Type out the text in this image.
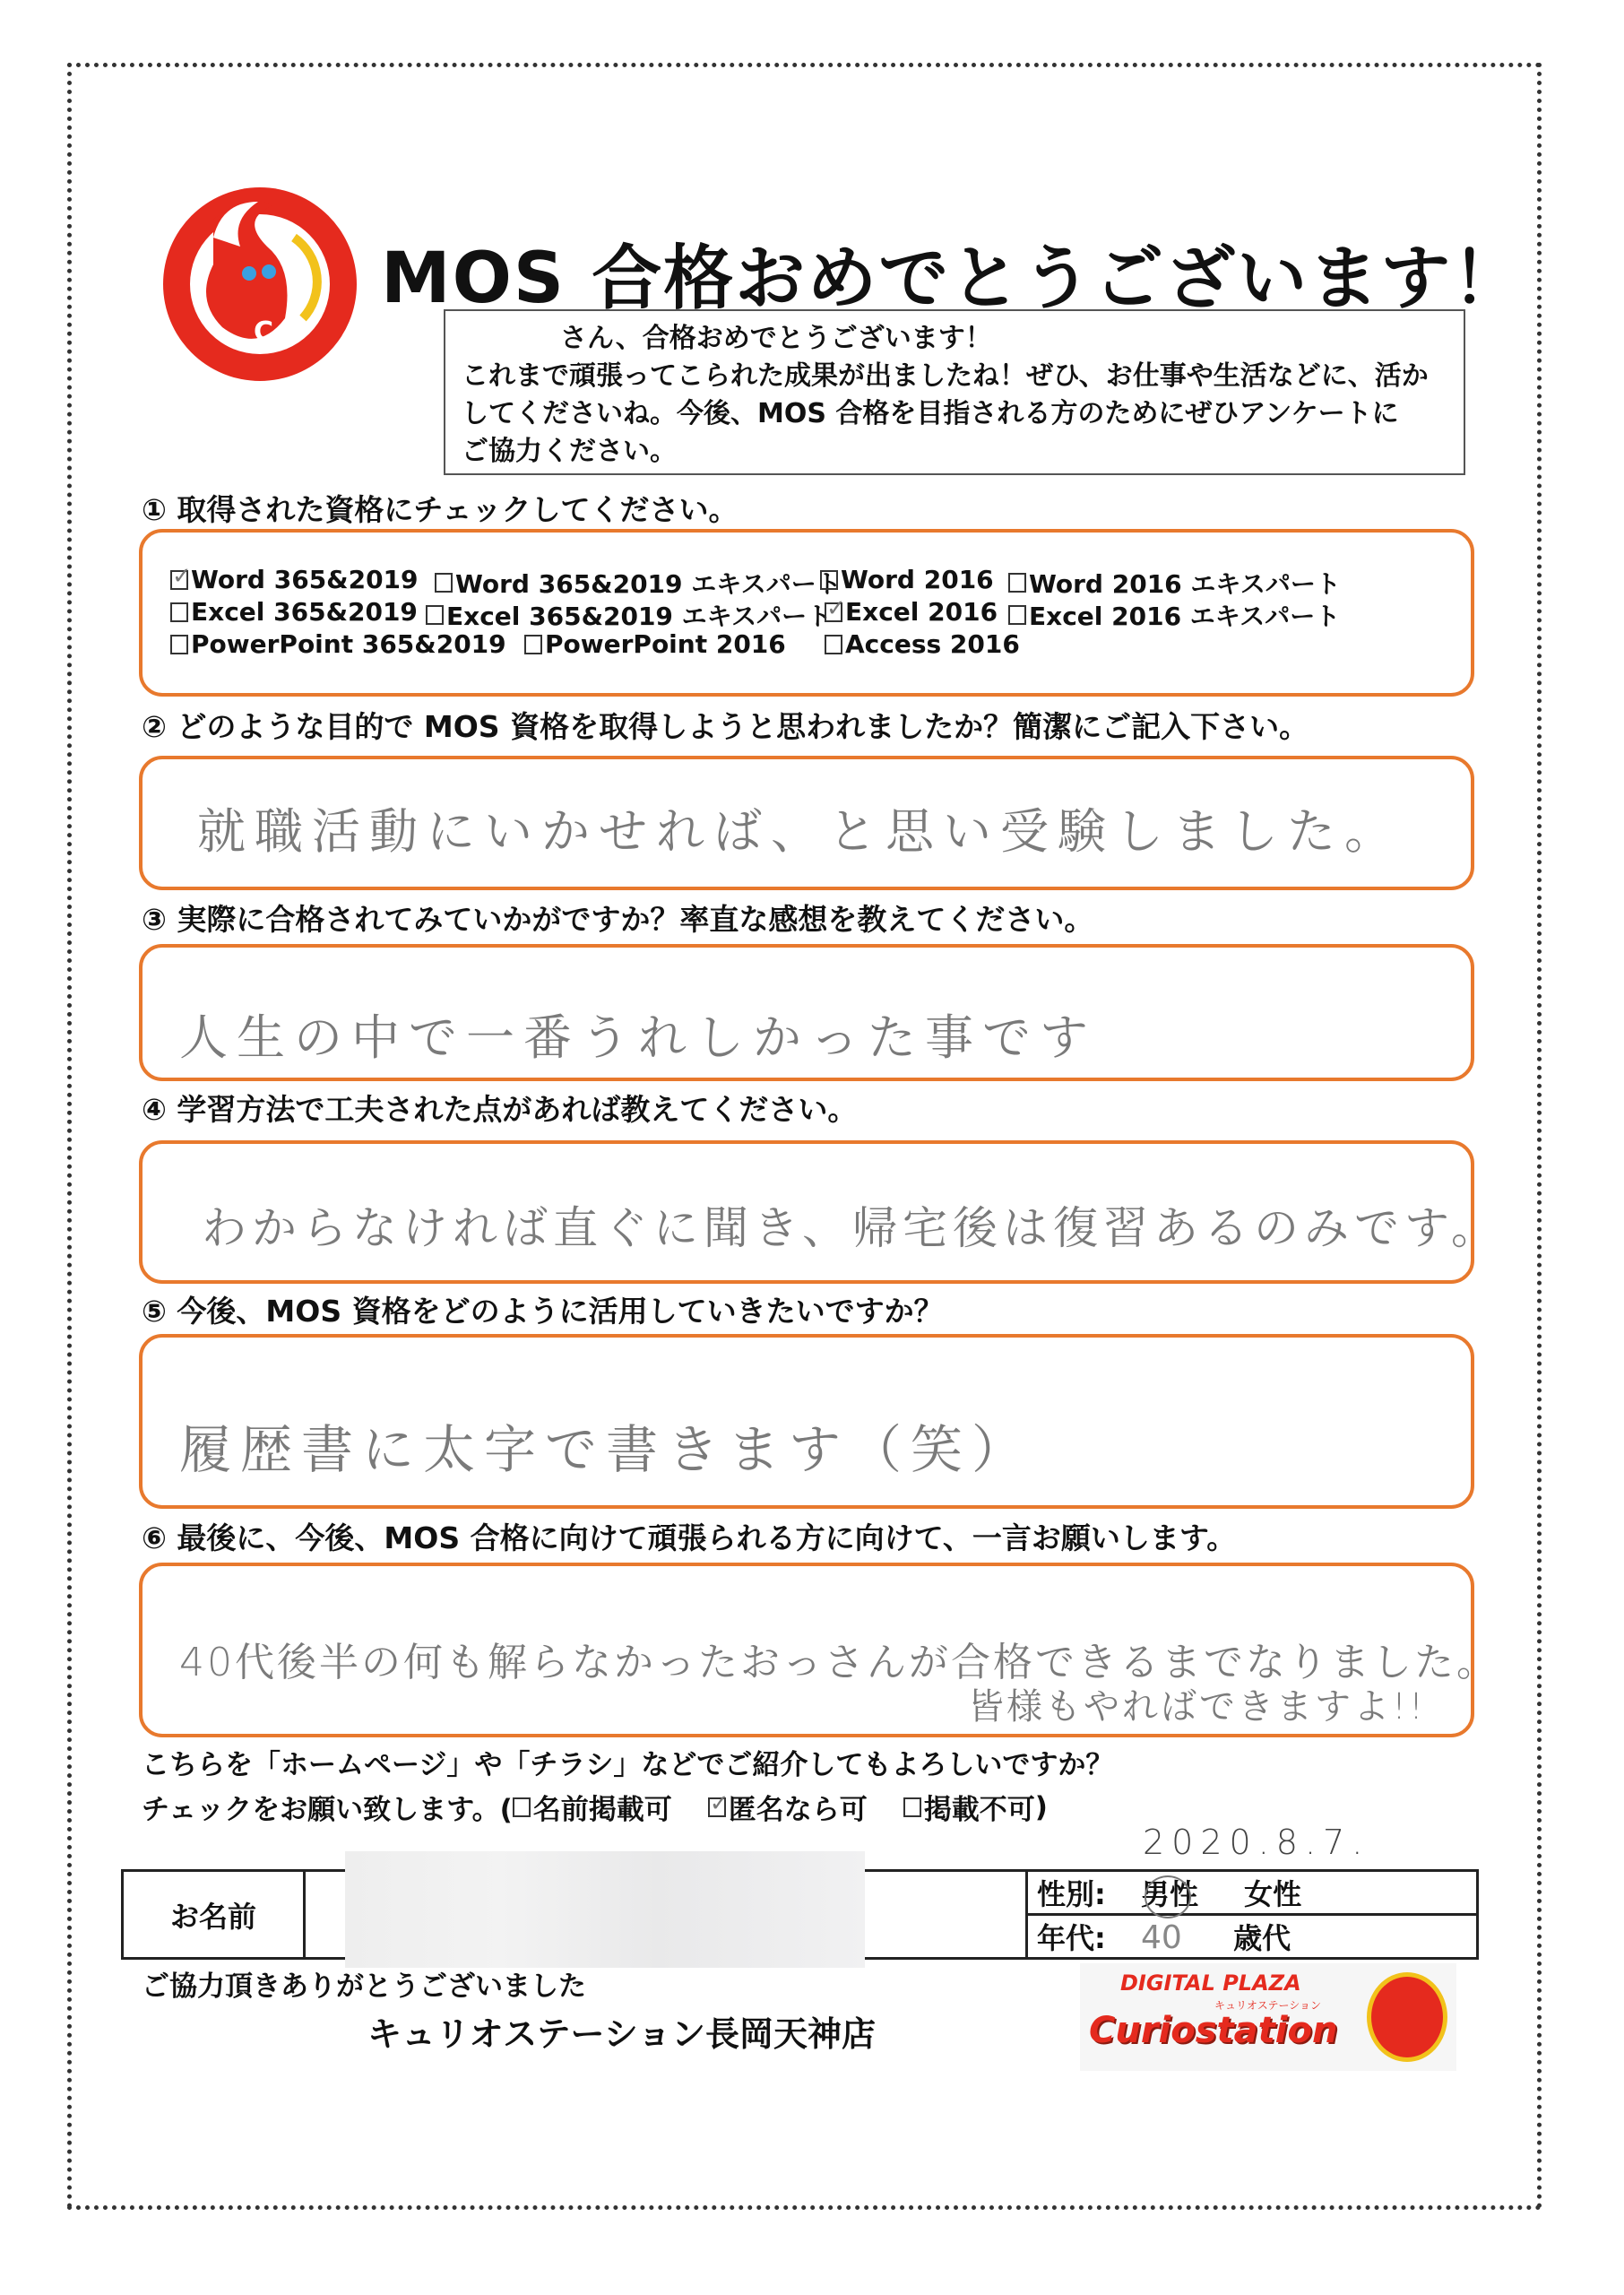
C
MOS 合格おめでとうございます！
さん、合格おめでとうございます！
これまで頑張ってこられた成果が出ましたね！ぜひ、お仕事や生活などに、活か
してくださいね。今後、MOS 合格を目指される方のためにぜひアンケートに
ご協力ください。
① 取得された資格にチェックしてください。
✓
Word 365&2019 Word 365&2019 エキスパート Word 2016 Word 2016 エキスパート
Excel 365&2019 Excel 365&2019 エキスパート ✓ Excel 2016 Excel 2016 エキスパート
PowerPoint 365&2019 PowerPoint 2016 Access 2016
② どのような目的で MOS 資格を取得しようと思われましたか？簡潔にご記入下さい。
就職活動にいかせれば、と思い受験しました。
③ 実際に合格されてみていかがですか？率直な感想を教えてください。
人生の中で一番うれしかった事です
④ 学習方法で工夫された点があれば教えてください。
わからなければ直ぐに聞き、帰宅後は復習あるのみです。
⑤ 今後、MOS 資格をどのように活用していきたいですか？
履歴書に太字で書きます（笑）
⑥ 最後に、今後、MOS 合格に向けて頑張られる方に向けて、一言お願いします。
40代後半の何も解らなかったおっさんが合格できるまでなりました。
皆様もやればできますよ!!
こちらを「ホームページ」や「チラシ」などでご紹介してもよろしいですか？
チェックをお願い致します。( 名前掲載可 ✓ 匿名なら可 掲載不可 )
2020.8.7.
お名前		性別: 男性 女性
年代: 40 歳代
ご協力頂きありがとうございました
キュリオステーション長岡天神店
DIGITAL PLAZA
キュリオステーション
Curiostation
